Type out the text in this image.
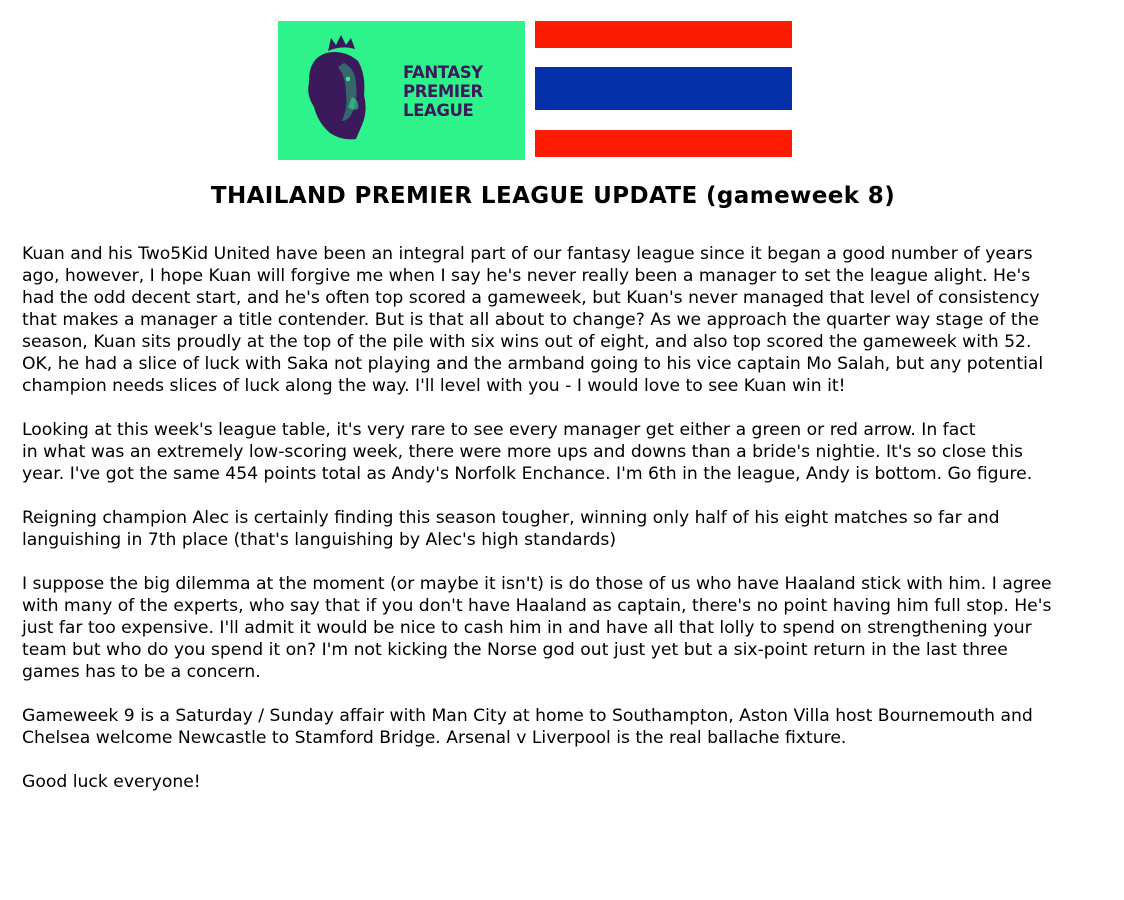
FANTASY
PREMIER
LEAGUE
THAILAND PREMIER LEAGUE UPDATE (gameweek 8)

Kuan and his Two5Kid United have been an integral part of our fantasy league since it began a good number of years
ago, however, I hope Kuan will forgive me when I say he's never really been a manager to set the league alight. He's
had the odd decent start, and he's often top scored a gameweek, but Kuan's never managed that level of consistency
that makes a manager a title contender. But is that all about to change? As we approach the quarter way stage of the
season, Kuan sits proudly at the top of the pile with six wins out of eight, and also top scored the gameweek with 52.
OK, he had a slice of luck with Saka not playing and the armband going to his vice captain Mo Salah, but any potential
champion needs slices of luck along the way. I'll level with you - I would love to see Kuan win it!

Looking at this week's league table, it's very rare to see every manager get either a green or red arrow. In fact
in what was an extremely low-scoring week, there were more ups and downs than a bride's nightie. It's so close this
year. I've got the same 454 points total as Andy's Norfolk Enchance. I'm 6th in the league, Andy is bottom. Go figure.

Reigning champion Alec is certainly finding this season tougher, winning only half of his eight matches so far and
languishing in 7th place (that's languishing by Alec's high standards)

I suppose the big dilemma at the moment (or maybe it isn't) is do those of us who have Haaland stick with him. I agree
with many of the experts, who say that if you don't have Haaland as captain, there's no point having him full stop. He's
just far too expensive. I'll admit it would be nice to cash him in and have all that lolly to spend on strengthening your
team but who do you spend it on? I'm not kicking the Norse god out just yet but a six-point return in the last three
games has to be a concern.

Gameweek 9 is a Saturday / Sunday affair with Man City at home to Southampton, Aston Villa host Bournemouth and
Chelsea welcome Newcastle to Stamford Bridge. Arsenal v Liverpool is the real ballache fixture.

Good luck everyone!
